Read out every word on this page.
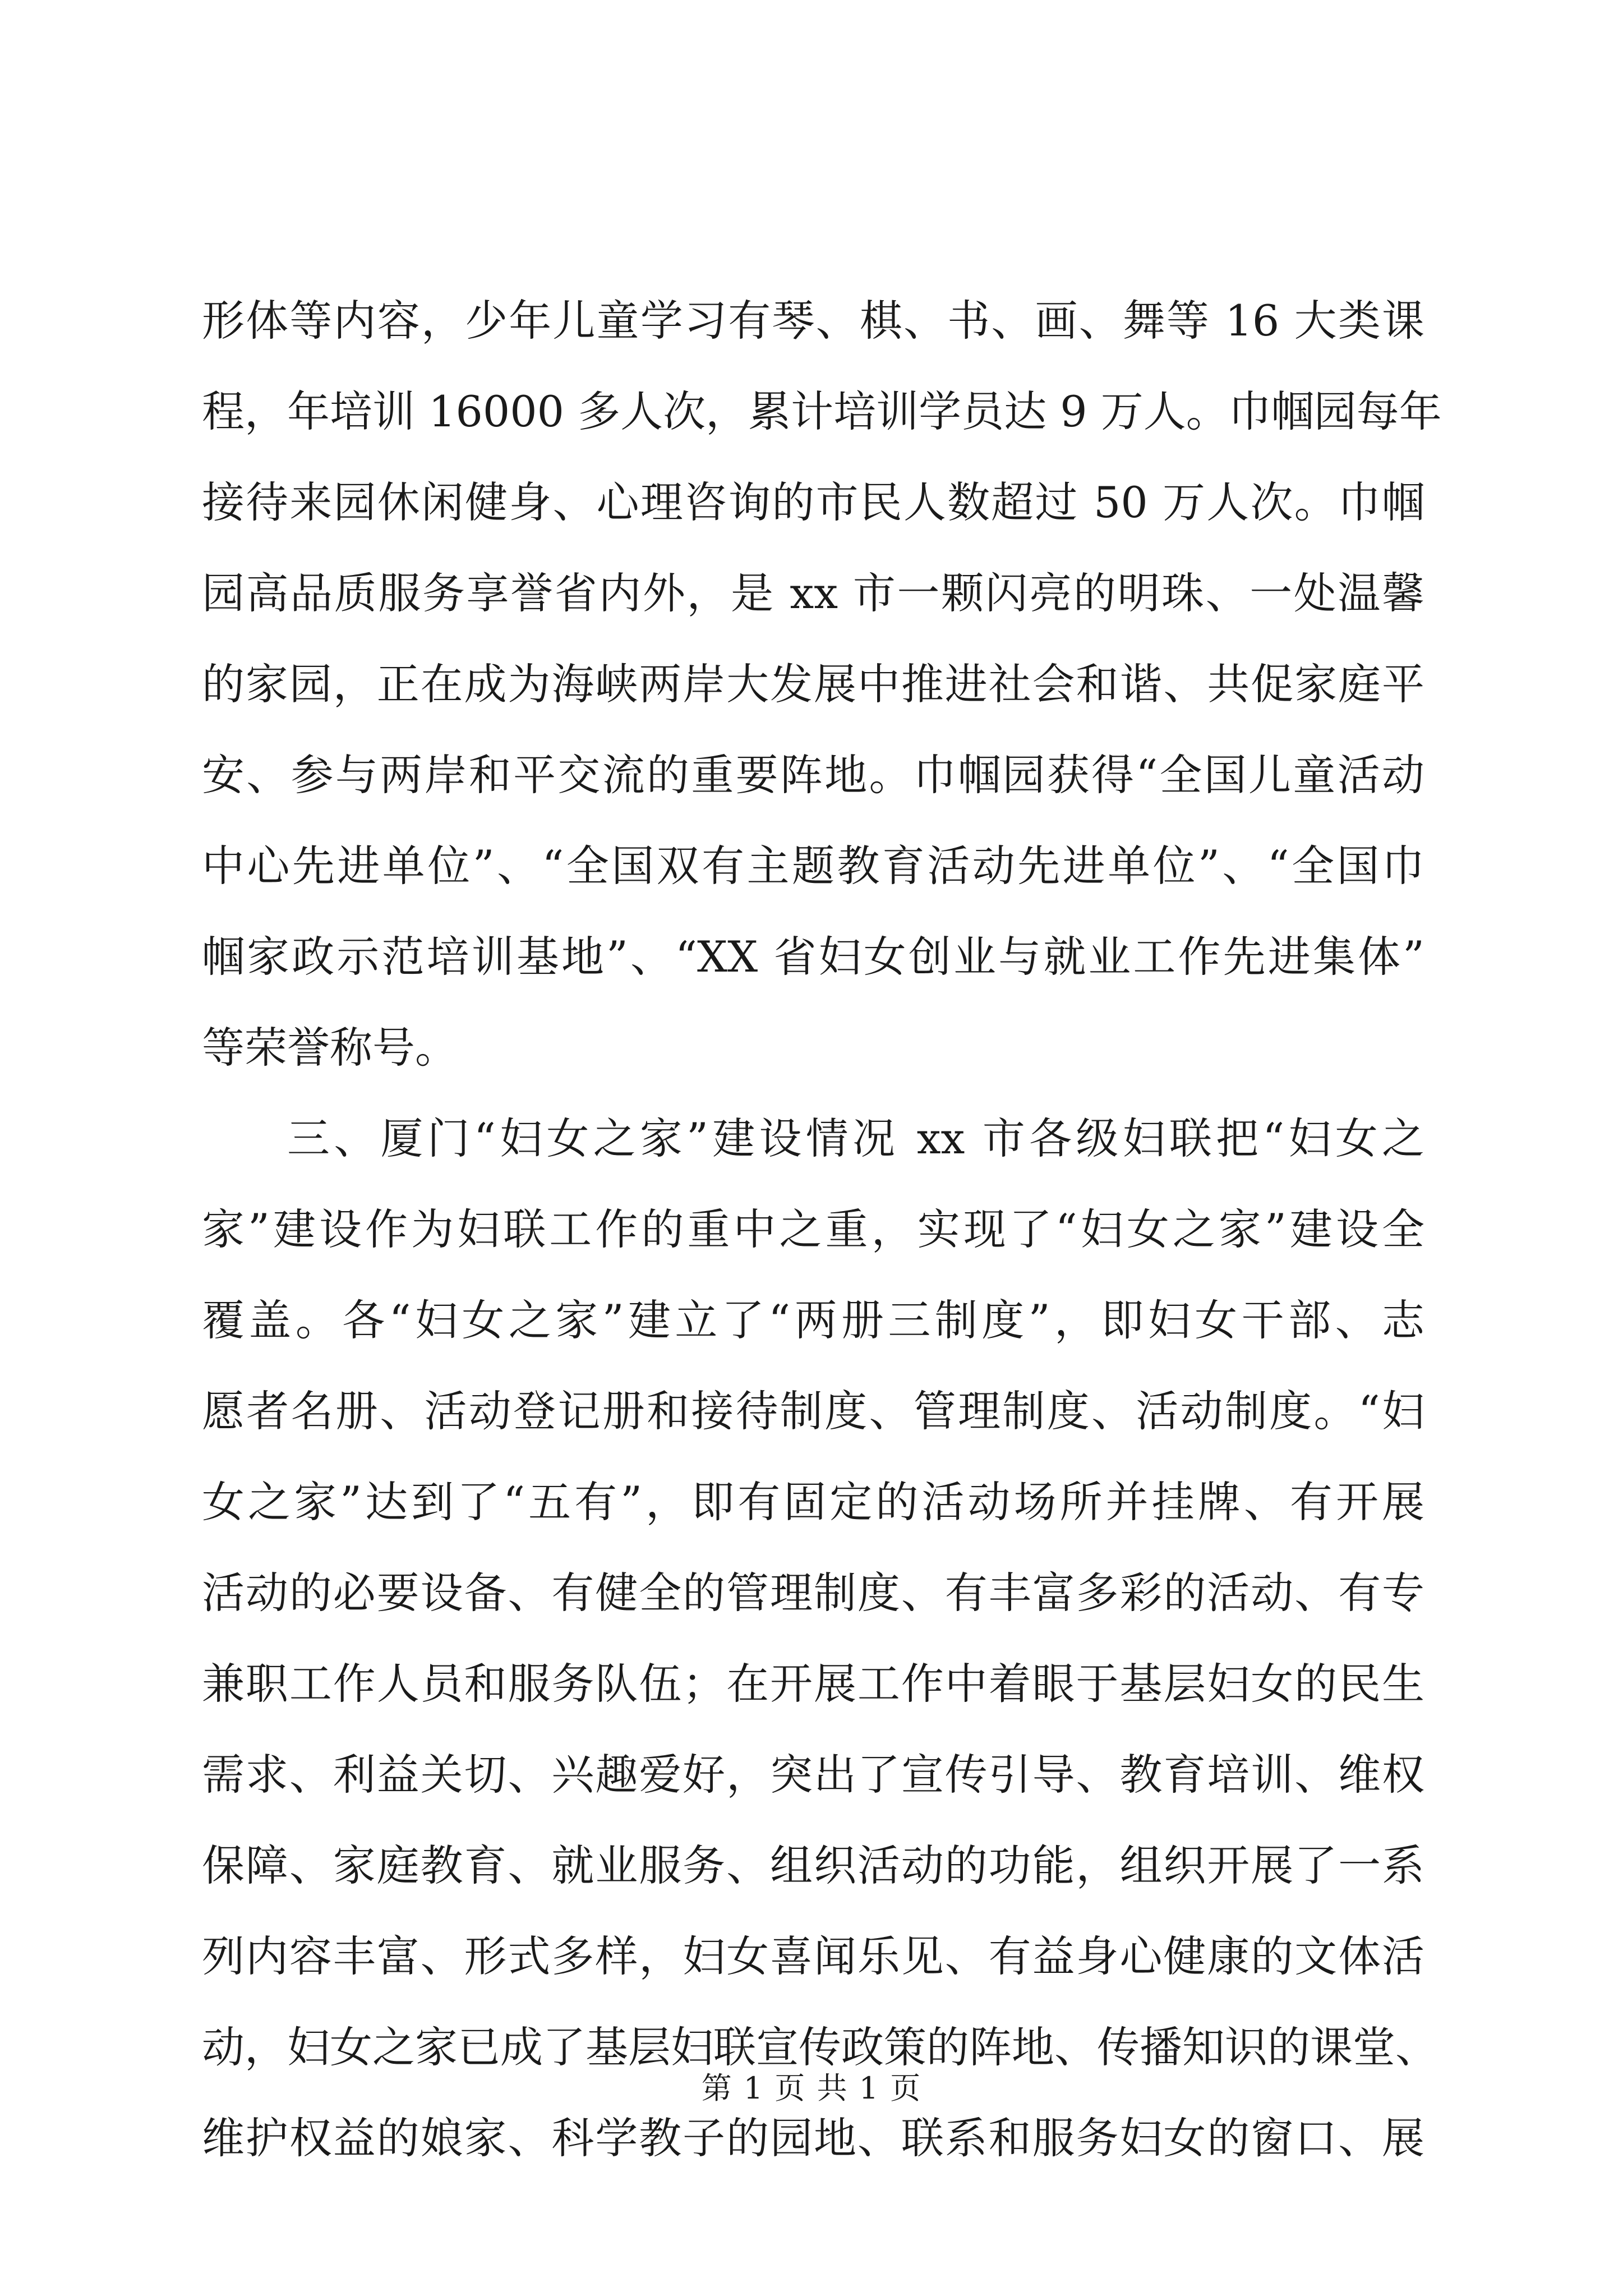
形体等内容，少年儿童学习有琴、棋、书、画、舞等 16 大类课
程，年培训 16000 多人次，累计培训学员达 9 万人。巾帼园每年
接待来园休闲健身、心理咨询的市民人数超过 50 万人次。巾帼
园高品质服务享誉省内外，是 xx 市一颗闪亮的明珠、一处温馨
的家园，正在成为海峡两岸大发展中推进社会和谐、共促家庭平
安、参与两岸和平交流的重要阵地。巾帼园获得“全国儿童活动
中心先进单位”、“全国双有主题教育活动先进单位”、“全国巾
帼家政示范培训基地”、“XX 省妇女创业与就业工作先进集体”
等荣誉称号。
三、厦门“妇女之家”建设情况 xx 市各级妇联把“妇女之
家”建设作为妇联工作的重中之重，实现了“妇女之家”建设全
覆盖。各“妇女之家”建立了“两册三制度”，即妇女干部、志
愿者名册、活动登记册和接待制度、管理制度、活动制度。“妇
女之家”达到了“五有”，即有固定的活动场所并挂牌、有开展
活动的必要设备、有健全的管理制度、有丰富多彩的活动、有专
兼职工作人员和服务队伍；在开展工作中着眼于基层妇女的民生
需求、利益关切、兴趣爱好，突出了宣传引导、教育培训、维权
保障、家庭教育、就业服务、组织活动的功能，组织开展了一系
列内容丰富、形式多样，妇女喜闻乐见、有益身心健康的文体活
动，妇女之家已成了基层妇联宣传政策的阵地、传播知识的课堂、
维护权益的娘家、科学教子的园地、联系和服务妇女的窗口、展
第 1 页 共 1 页
